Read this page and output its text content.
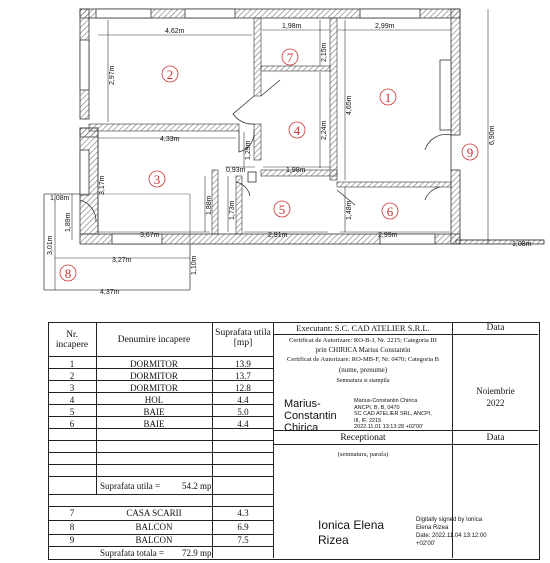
4,62m
1,98m	2,99m
2,97m
2,15m
4,65m
6,90m
4,33m	2,24m
1,29m
0,93m	1,98m
3,17m
1,08m	1,88m
3,67m
1,73m	1,48m
2,91m	2,99m
1,08m
3,01m
1,89m
3,27m	1,10m
4,37m
1
2
3
4
5	6
7
8
9
Nr. incapere	Denumire incapere
Suprafata utila [mp]
Suprafata utila = 54.2 mp
Suprafata totala = 72.9 mp
Executant: S.C. CAD ATELIER S.R.L.
Certificat de Autorizare: RO-B-J, Nr. 2215; Categoria III
prin CHIRICA Marius Constantin
Certificat de Autorizare: RO-MB-F, Nr. 0470; Categoria B
(nume, prenume)
Semnatura si stampila
Marius-
Constantin
Chirica
Marius-Constantin Chirica
ANCPI, B, B, 0470
SC CAD ATELIER SRL, ANCPI,
III, IF, 2215
2022.11.01 13:13:28 +02'00'
Data
Noiembrie
2022
Data
Receptionat
(semnatura, parafa)
Ionica Elena
Rizea
Digitally signed by Ionica
Elena Rizea
Date: 2022.11.04 13:12:00
+02'00'
1	DORMITOR	13.9
2	DORMITOR	13.7
3	DORMITOR	12.8
4	HOL	4.4
5	BAIE	5.0
6	BAIE	4.4
7	CASA SCARII	4.3
8	BALCON	6.9
9	BALCON	7.5
